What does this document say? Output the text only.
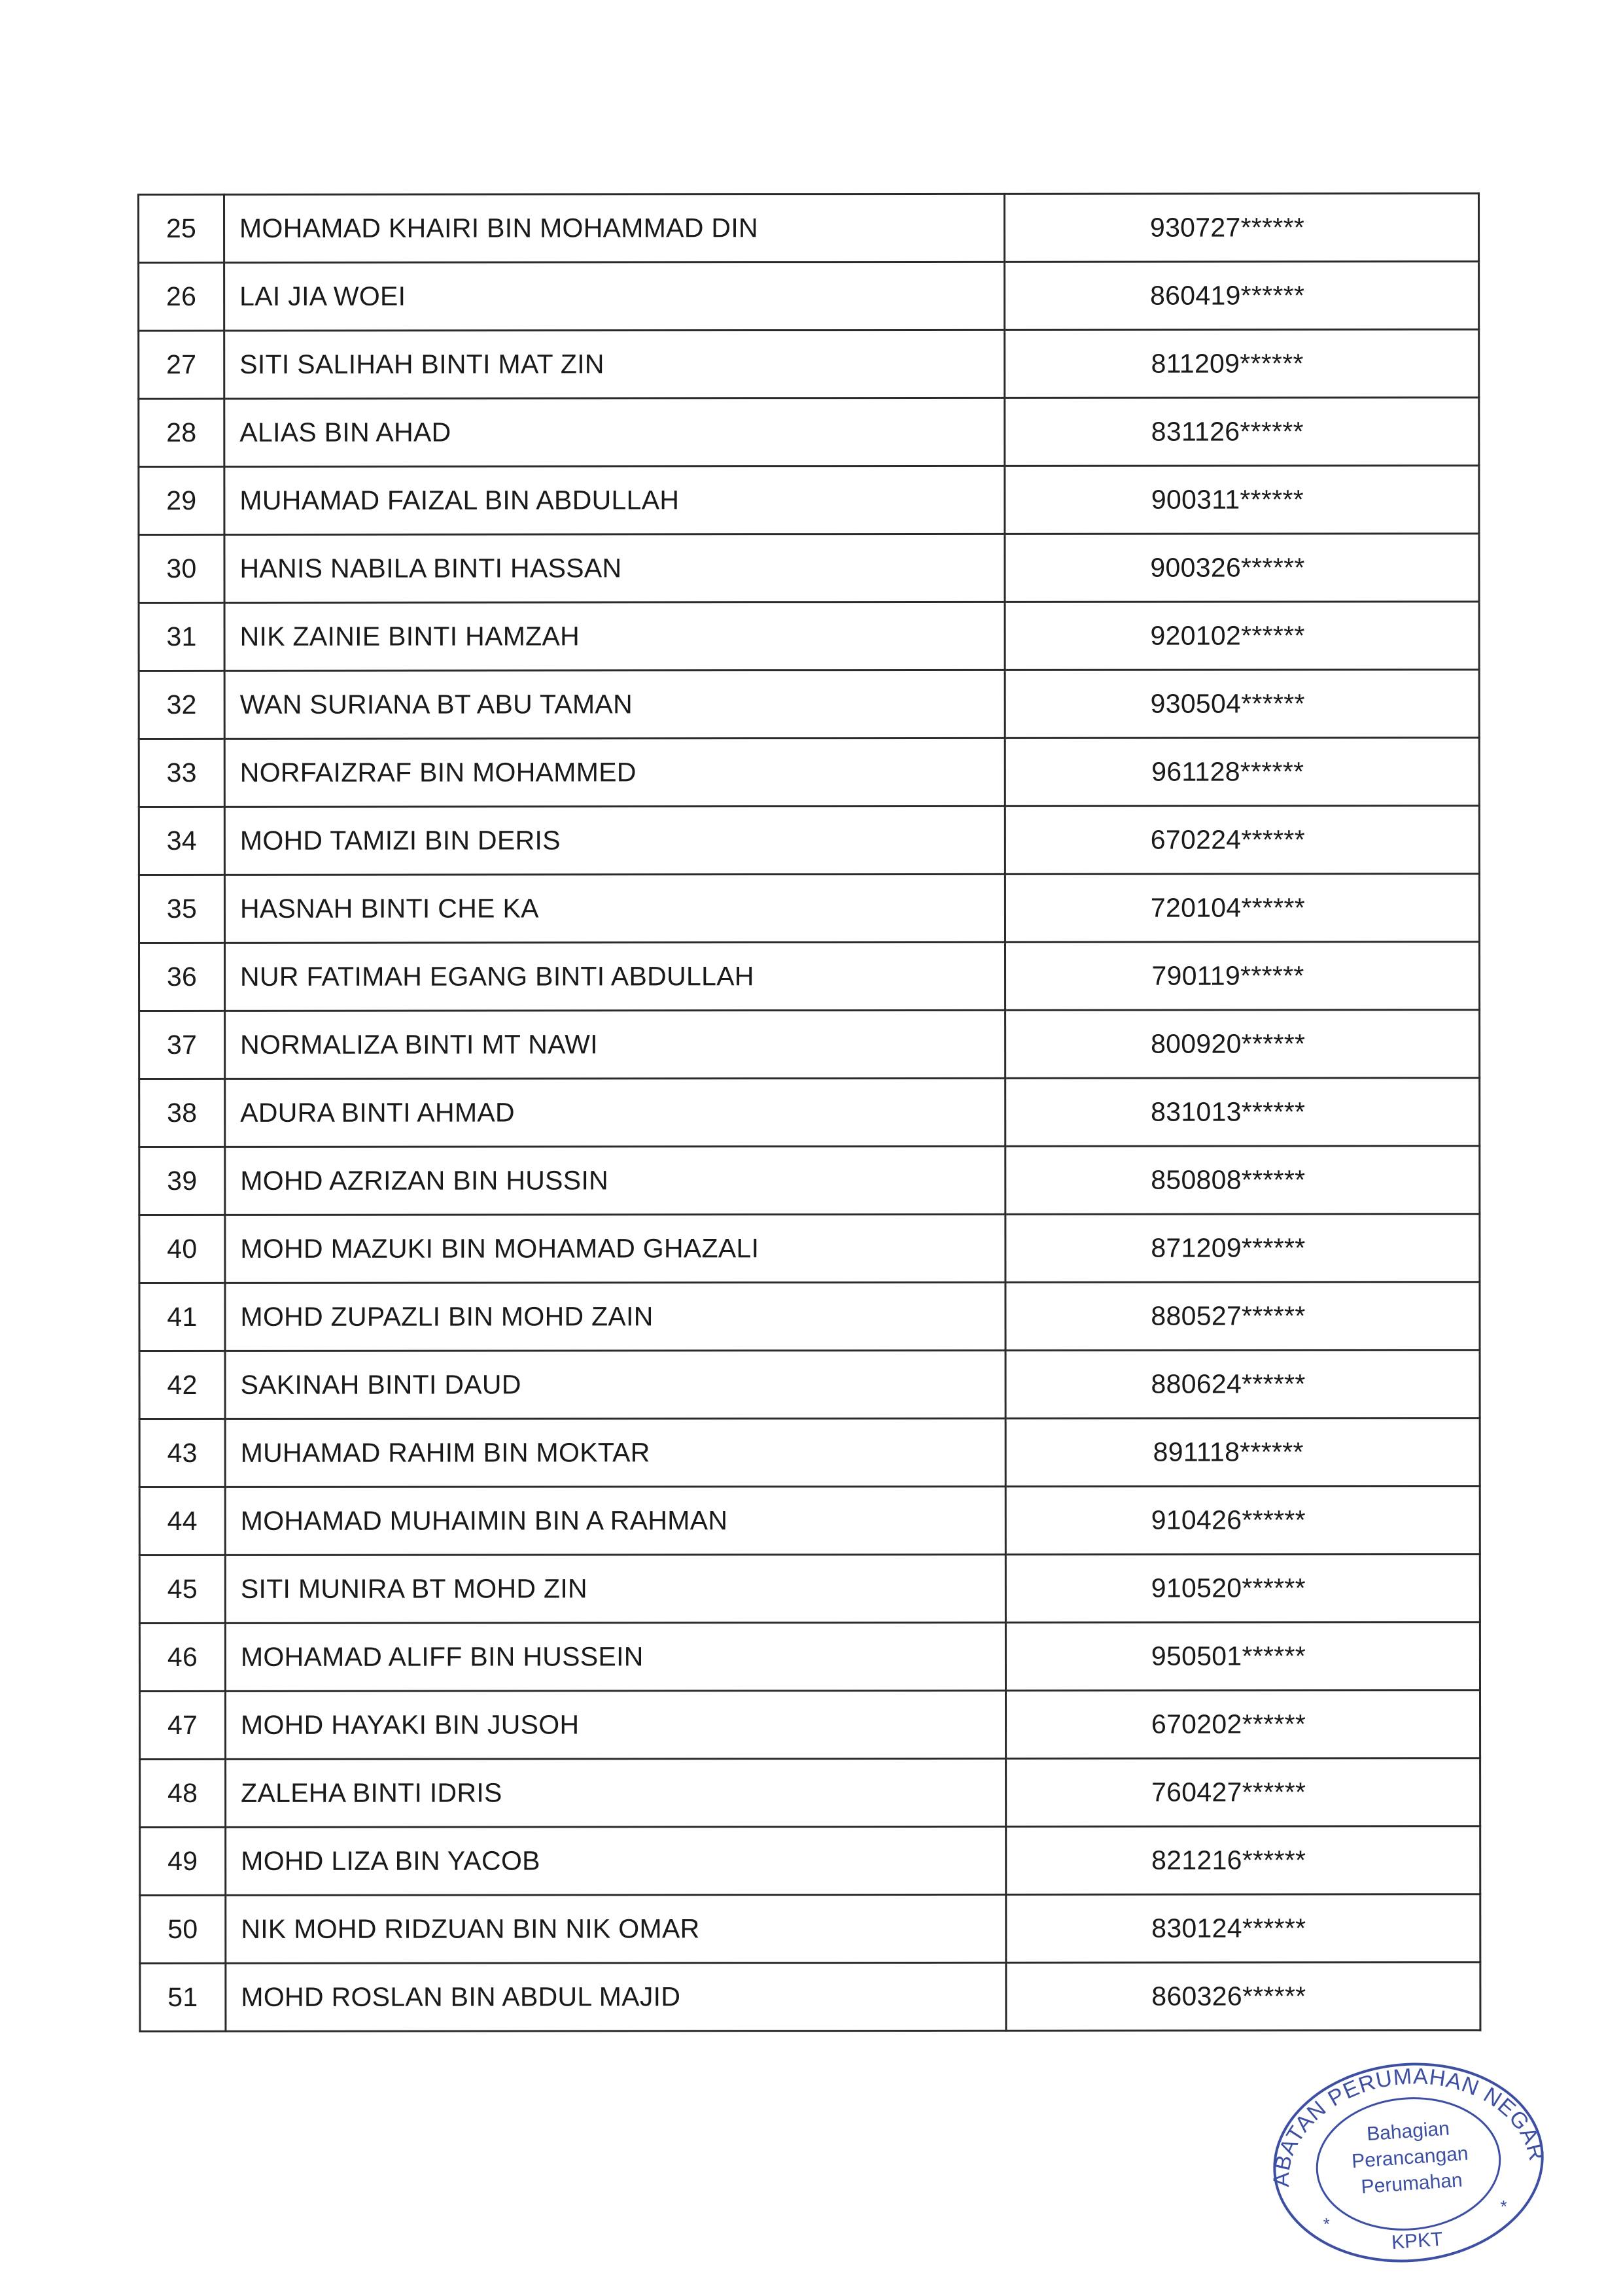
25	MOHAMAD KHAIRI BIN MOHAMMAD DIN	930727******
26	LAI JIA WOEI	860419******
27	SITI SALIHAH BINTI MAT ZIN	811209******
28	ALIAS BIN AHAD	831126******
29	MUHAMAD FAIZAL BIN ABDULLAH	900311******
30	HANIS NABILA BINTI HASSAN	900326******
31	NIK ZAINIE BINTI HAMZAH	920102******
32	WAN SURIANA BT ABU TAMAN	930504******
33	NORFAIZRAF BIN MOHAMMED	961128******
34	MOHD TAMIZI BIN DERIS	670224******
35	HASNAH BINTI CHE KA	720104******
36	NUR FATIMAH EGANG BINTI ABDULLAH	790119******
37	NORMALIZA BINTI MT NAWI	800920******
38	ADURA BINTI AHMAD	831013******
39	MOHD AZRIZAN BIN HUSSIN	850808******
40	MOHD MAZUKI BIN MOHAMAD GHAZALI	871209******
41	MOHD ZUPAZLI BIN MOHD ZAIN	880527******
42	SAKINAH BINTI DAUD	880624******
43	MUHAMAD RAHIM BIN MOKTAR	891118******
44	MOHAMAD MUHAIMIN BIN A RAHMAN	910426******
45	SITI MUNIRA BT MOHD ZIN	910520******
46	MOHAMAD ALIFF BIN HUSSEIN	950501******
47	MOHD HAYAKI BIN JUSOH	670202******
48	ZALEHA BINTI IDRIS	760427******
49	MOHD LIZA BIN YACOB	821216******
50	NIK MOHD RIDZUAN BIN NIK OMAR	830124******
51	MOHD ROSLAN BIN ABDUL MAJID	860326******
JABATAN PERUMAHAN NEGARA
Bahagian
Perancangan
Perumahan
KPKT
*
*
